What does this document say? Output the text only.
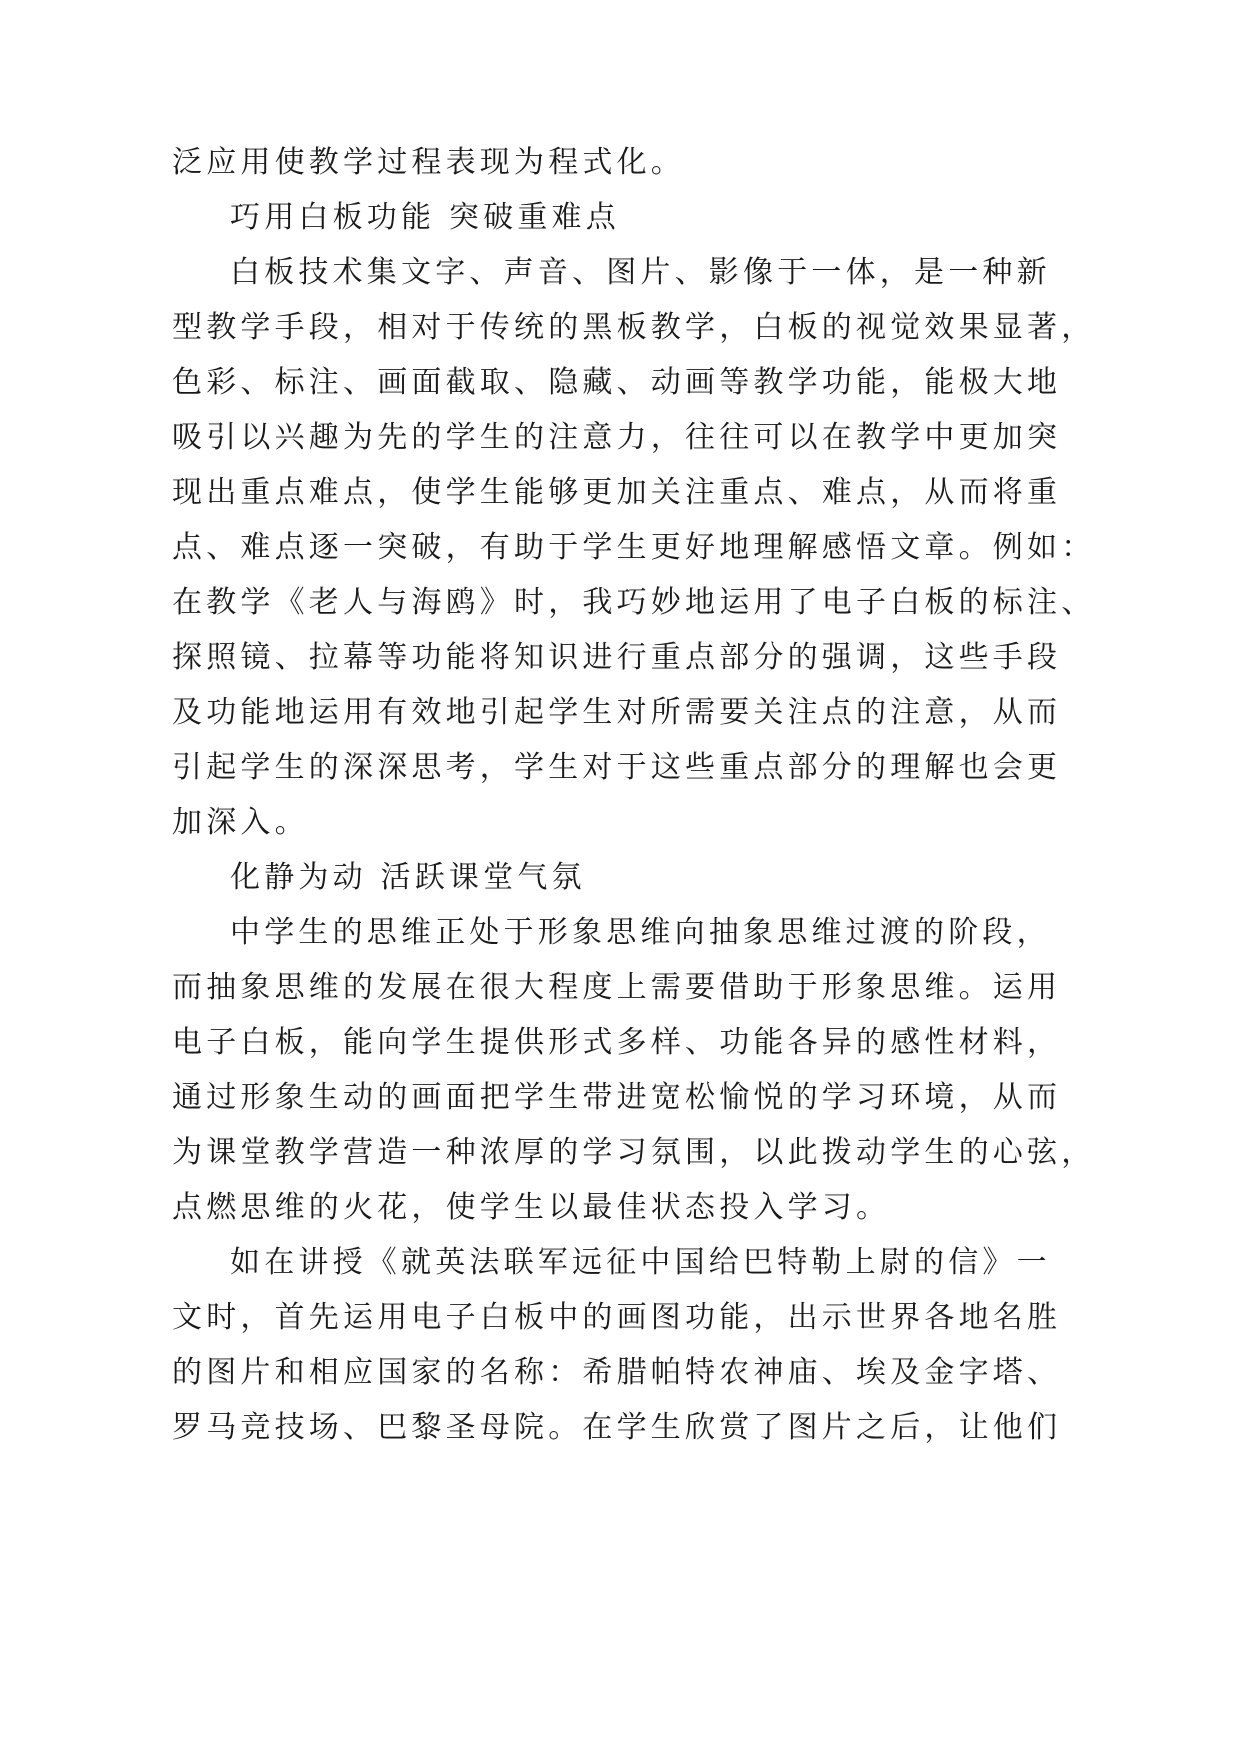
泛应用使教学过程表现为程式化。
巧用白板功能 突破重难点
白板技术集文字、声音、图片、影像于一体，是一种新
型教学手段，相对于传统的黑板教学，白板的视觉效果显著，
色彩、标注、画面截取、隐藏、动画等教学功能，能极大地
吸引以兴趣为先的学生的注意力，往往可以在教学中更加突
现出重点难点，使学生能够更加关注重点、难点，从而将重
点、难点逐一突破，有助于学生更好地理解感悟文章。例如：
在教学《老人与海鸥》时，我巧妙地运用了电子白板的标注、
探照镜、拉幕等功能将知识进行重点部分的强调，这些手段
及功能地运用有效地引起学生对所需要关注点的注意，从而
引起学生的深深思考，学生对于这些重点部分的理解也会更
加深入。
化静为动 活跃课堂气氛
中学生的思维正处于形象思维向抽象思维过渡的阶段，
而抽象思维的发展在很大程度上需要借助于形象思维。运用
电子白板，能向学生提供形式多样、功能各异的感性材料，
通过形象生动的画面把学生带进宽松愉悦的学习环境，从而
为课堂教学营造一种浓厚的学习氛围，以此拨动学生的心弦，
点燃思维的火花，使学生以最佳状态投入学习。
如在讲授《就英法联军远征中国给巴特勒上尉的信》一
文时，首先运用电子白板中的画图功能，出示世界各地名胜
的图片和相应国家的名称：希腊帕特农神庙、埃及金字塔、
罗马竞技场、巴黎圣母院。在学生欣赏了图片之后，让他们
